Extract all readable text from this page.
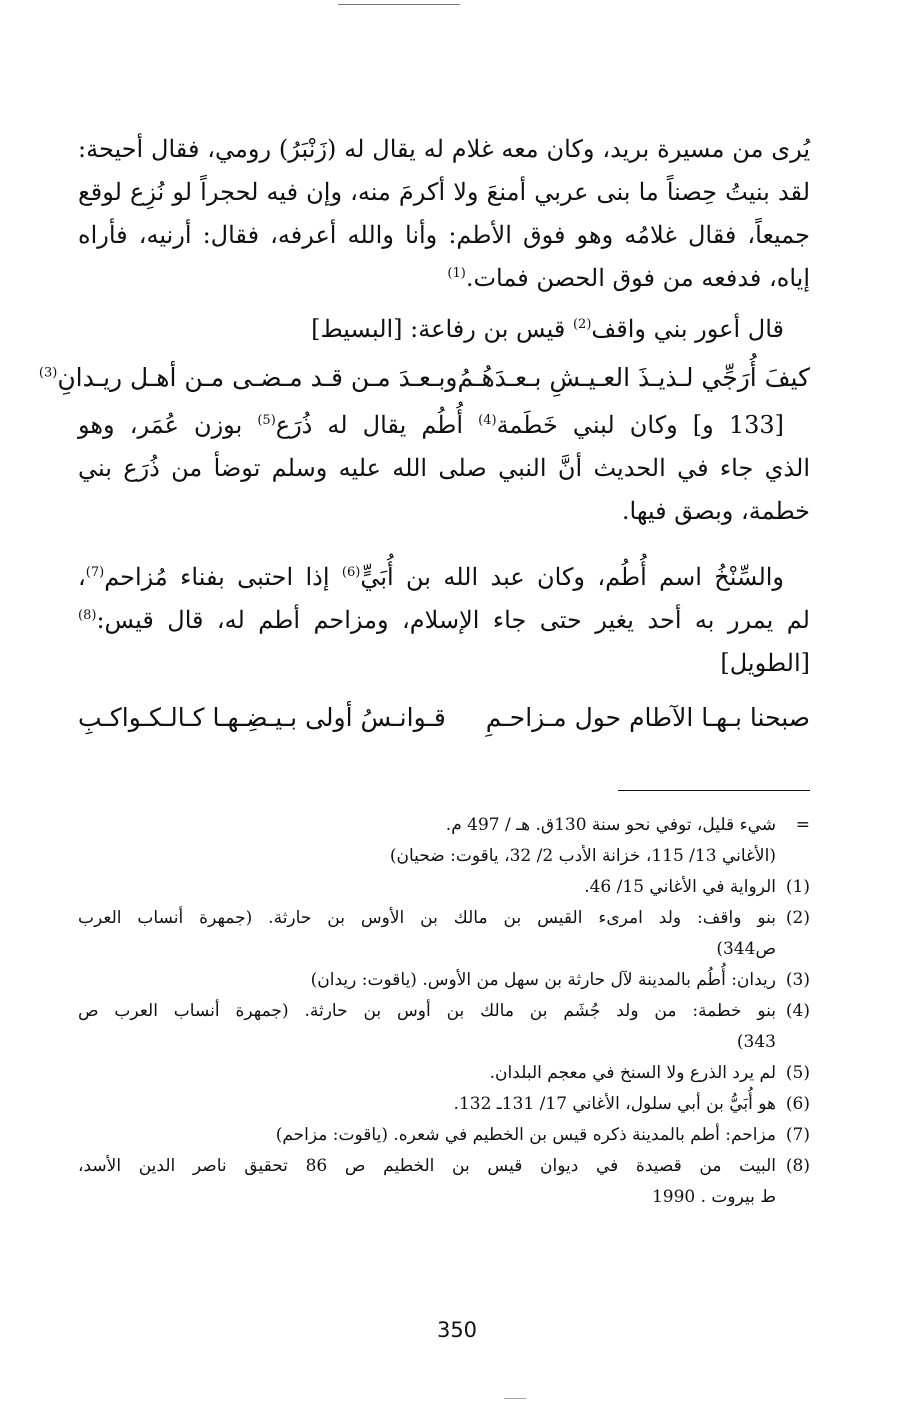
يُرى من مسيرة بريد، وكان معه غلام له يقال له (زَنْبَرُ) رومي، فقال أحيحة:
لقد بنيتُ حِصناً ما بنى عربي أمنعَ ولا أكرمَ منه، وإن فيه لحجراً لو نُزِع لوقع
جميعاً، فقال غلامُه وهو فوق الأطم: وأنا والله أعرفه، فقال: أرنيه، فأراه
إياه، فدفعه من فوق الحصن فمات.$^{(1)}$
قال أعور بني واقف$^{(2)}$ قيس بن رفاعة: [البسيط]
كيفَ أُرَجِّي لـذيـذَ العـيـشِ بـعـدَهُـمُ
وبـعـدَ مـن قـد مـضـى مـن أهـل ريـدانِ$^{(3)}$
[133 و] وكان لبني خَطَمة$^{(4)}$ أُطُم يقال له ذُرَع$^{(5)}$ بوزن عُمَر، وهو
الذي جاء في الحديث أنَّ النبي صلى الله عليه وسلم توضأ من ذُرَع بني
خطمة، وبصق فيها.
والسِّنْخُ اسم أُطُم، وكان عبد الله بن أُبَيٍّ$^{(6)}$ إذا احتبى بفناء مُزاحم$^{(7)}$،
لم يمرر به أحد يغير حتى جاء الإسلام، ومزاحم أطم له، قال قيس:$^{(8)}$
[الطويل]
صبحنا بـهـا الآطام حول مـزاحـمِ
قـوانـسُ أولى بـيـضِـهـا كـالـكـواكـبِ
=
شيء قليل، توفي نحو سنة 130ق. هـ / 497 م.
(الأغاني 13/ 115، خزانة الأدب 2/ 32، ياقوت: ضحيان)
(1)
الرواية في الأغاني 15/ 46.
(2)
بنو واقف: ولد امرىء القيس بن مالك بن الأوس بن حارثة. (جمهرة أنساب العرب
ص344)
(3)
ريدان: أُطُم بالمدينة لآل حارثة بن سهل من الأوس. (ياقوت: ريدان)
(4)
بنو خطمة: من ولد جُشَم بن مالك بن أوس بن حارثة. (جمهرة أنساب العرب ص
343)
(5)
لم يرد الذرع ولا السنخ في معجم البلدان.
(6)
هو أُبَيُّ بن أبي سلول، الأغاني 17/ 131ـ 132.
(7)
مزاحم: أطم بالمدينة ذكره قيس بن الخطيم في شعره. (ياقوت: مزاحم)
(8)
البيت من قصيدة في ديوان قيس بن الخطيم ص 86 تحقيق ناصر الدين الأسد،
ط بيروت . 1990
350
